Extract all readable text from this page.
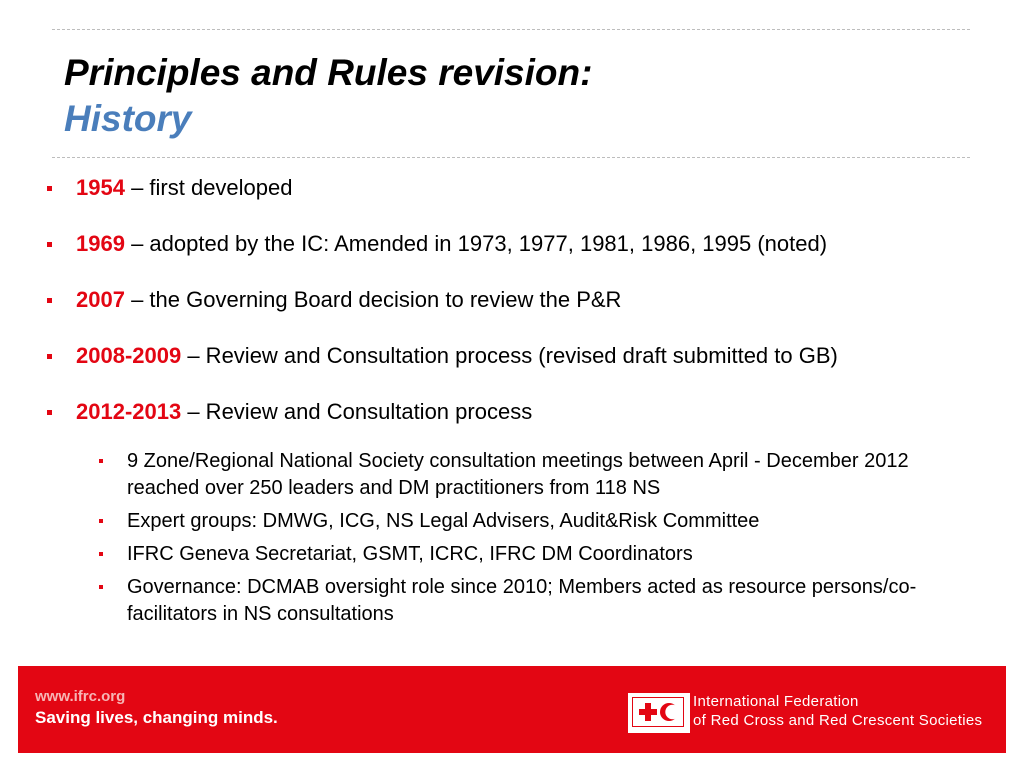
Principles and Rules revision:
History
1954 – first developed
1969 – adopted by the IC: Amended in 1973, 1977, 1981, 1986, 1995 (noted)
2007 – the Governing Board decision to review the P&R
2008-2009 – Review and Consultation process (revised draft submitted to GB)
2012-2013 – Review and Consultation process
9 Zone/Regional National Society consultation meetings between April - December 2012 reached over 250 leaders and DM practitioners from 118 NS
Expert groups: DMWG, ICG, NS Legal Advisers, Audit&Risk Committee
IFRC Geneva Secretariat, GSMT, ICRC, IFRC DM Coordinators
Governance: DCMAB oversight role since 2010; Members acted as resource persons/co-facilitators in NS consultations
www.ifrc.org
Saving lives, changing minds.
International Federation
of Red Cross and Red Crescent Societies
